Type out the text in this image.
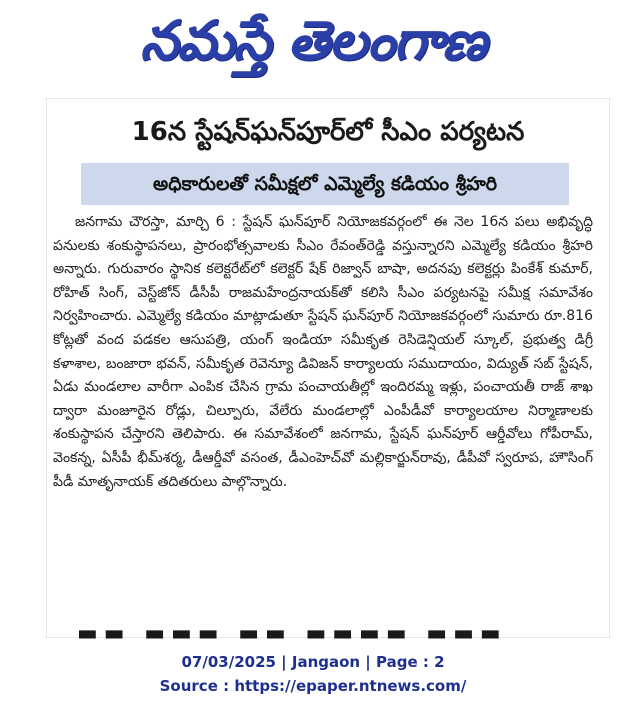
నమస్తే తెలంగాణ
16న స్టేషన్‌ఘన్‌పూర్‌లో సీఎం పర్యటన
అధికారులతో సమీక్షలో ఎమ్మెల్యే కడియం శ్రీహరి
జనగామ చౌరస్తా, మార్చి 6 : స్టేషన్ ఘన్‌పూర్ నియోజకవర్గంలో ఈ నెల 16న పలు అభివృద్ధి పనులకు శంకుస్థాపనలు, ప్రారంభోత్సవాలకు సీఎం రేవంత్‌రెడ్డి వస్తున్నారని ఎమ్మెల్యే కడియం శ్రీహరి అన్నారు. గురువారం స్థానిక కలెక్టరేట్‌లో కలెక్టర్ షేక్ రిజ్వాన్ బాషా, అదనపు కలెక్టర్లు పింకేశ్ కుమార్, రోహిత్ సింగ్, వెస్ట్‌జోన్ డీసీపీ రాజమహేంద్రనాయక్‌తో కలిసి సీఎం పర్యటనపై సమీక్ష సమావేశం నిర్వహించారు. ఎమ్మెల్యే కడియం మాట్లాడుతూ స్టేషన్ ఘన్‌పూర్ నియోజకవర్గంలో సుమారు రూ.816 కోట్లతో వంద పడకల ఆసుపత్రి, యంగ్ ఇండియా సమీకృత రెసిడెన్షియల్ స్కూల్, ప్రభుత్వ డిగ్రీ కళాశాల, బంజారా భవన్, సమీకృత రెవెన్యూ డివిజన్ కార్యాలయ సముదాయం, విద్యుత్ సబ్ స్టేషన్, ఏడు మండలాల వారీగా ఎంపిక చేసిన గ్రామ పంచాయతీల్లో ఇందిరమ్మ ఇళ్లు, పంచాయతీ రాజ్ శాఖ ద్వారా మంజూరైన రోడ్లు, చిల్పూరు, వేలేరు మండలాల్లో ఎంపీడీవో కార్యాలయాల నిర్మాణాలకు శంకుస్థాపన చేస్తారని తెలిపారు. ఈ సమావేశంలో జనగామ, స్టేషన్ ఘన్‌పూర్ ఆర్డీవోలు గోపీరామ్, వెంకన్న, ఏసీపీ భీమ్‌శర్మ, డీఆర్డీవో వసంత, డీఎంహెచ్‌వో మల్లికార్జున్‌రావు, డీపీవో స్వరూప, హౌసింగ్ పీడీ మాతృనాయక్ తదితరులు పాల్గొన్నారు.
▬▬ ▬▬▬ ▬▬ ▬▬▬▬ ▬▬▬
07/03/2025 | Jangaon | Page : 2
Source : https://epaper.ntnews.com/
